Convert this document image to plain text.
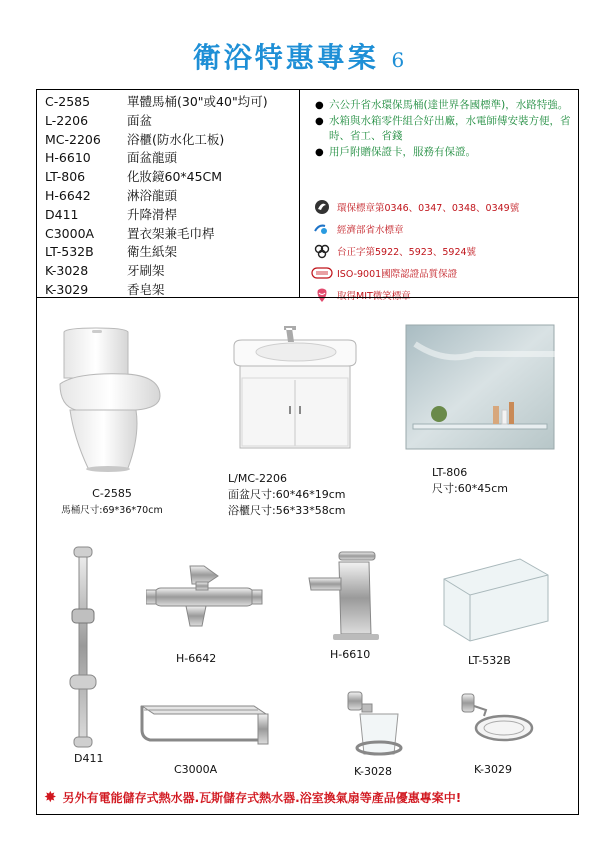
衛浴特惠專案 6
C-2585	單體馬桶(30"或40"均可)
L-2206	面盆
MC-2206	浴櫃(防水化工板)
H-6610	面盆龍頭
LT-806	化妝鏡60*45CM
H-6642	淋浴龍頭
D411	升降滑桿
C3000A	置衣架兼毛巾桿
LT-532B	衛生紙架
K-3028	牙刷架
K-3029	香皂架
● 六公升省水環保馬桶(達世界各國標準)，水路特強。
● 水箱與水箱零件組合好出廠，水電師傅安裝方便，省時、省工、省錢
● 用戶附贈保證卡，服務有保證。
環保標章第0346、0347、0348、0349號
經濟部省水標章
台正字第5922、5923、5924號
ISO-9001國際認證品質保證
取得MIT微笑標章
C-2585
馬桶尺寸:69*36*70cm
L/MC-2206
面盆尺寸:60*46*19cm
浴櫃尺寸:56*33*58cm
LT-806
尺寸:60*45cm
H-6642	H-6610	LT-532B
D411
C3000A	K-3028	K-3029
✸ 另外有電能儲存式熱水器.瓦斯儲存式熱水器.浴室換氣扇等產品優惠專案中!
